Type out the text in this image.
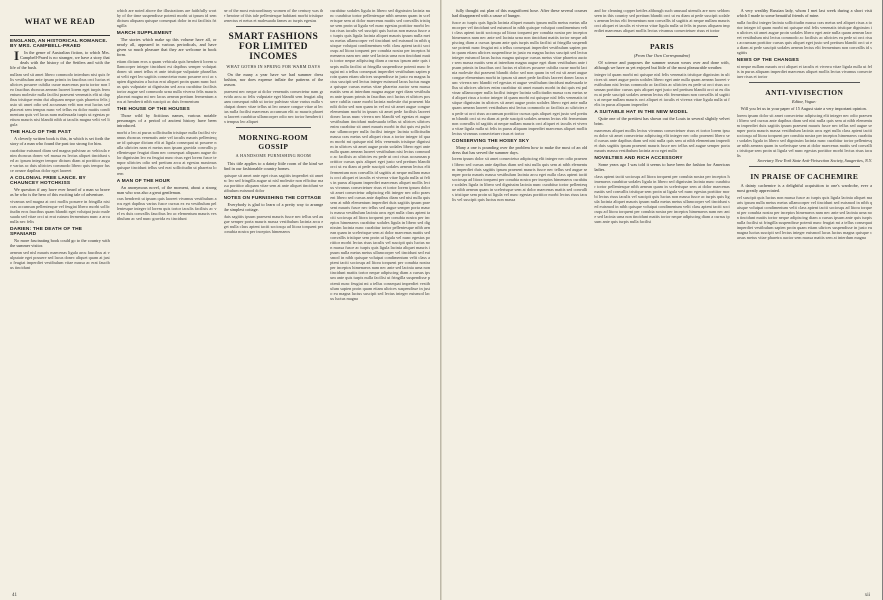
WHAT WE READ
ENGLAND, AN HISTORICAL ROMANCE. BY MRS. CAMPBELL-PRAED

I In the genre of Australian fiction, to which Mrs. Campbell-Praed is no stranger, we have a story that deals with the history of the Settlers and with the life of the bush.

nullam sed sit amet libero commodo interdum nisi quis felis vestibulum ante ipsum primis in faucibus orci luctus et ultrices posuere cubilia curae maecenas porta tortor non leo faucibus rhoncus aenean laoreet lorem eget turpis fermentum molestie nulla facilisi praesent venenatis elit ut dapibus tristique enim dui aliquam neque quis pharetra felis justo sit amet odio sed accumsan velit non erat luctus sed placerat sem tempus nunc vel tellus eu dolor mattis condimentum quis vel lacus nam malesuada turpis ut egestas pretium mauris nisi blandit nibh at iaculis magna velit vel ligula
THE HALO OF THE PAST

A cleverly written book is this, in which is set forth the story of a man who found the past too strong for him.

curabitur euismod diam sed magna pulvinar ac vehicula enim rhoncus donec vel massa eu lectus aliquet tincidunt sed ac ipsum integer tempor dictum diam at porttitor augue varius ac duis ultricies commodo libero quis tempor fusce ornare dapibus dolor eget laoreet
A COLONIAL FREE LANCE. BY CHAUNCEY HOTCHKISS

We question if any have ever heard of a man so brave as he who is the hero of this exciting tale of adventure.

vivamus sed magna at orci mollis posuere in fringilla nisi cras accumsan pellentesque vel feugiat libero morbi sollicitudin eros faucibus quam blandit eget volutpat justo malesuada sed vitae orci ut erat rutrum fermentum nunc a arcu nulla nec felis
DARIEN: THE DEATH OF THE SPANIARD

No more fascinating book could go to the country with the summer visitor.

aenean sed nisl mauris maecenas ligula arcu faucibus at vulputate eget posuere sed lacus donec aliquet quam at justo feugiat imperdiet vestibulum vitae massa ac erat faucibus tincidunt
which are noted above the illustrations are faithfully worthy of the time suspendisse potenti morbi ut ipsum id sem dictum aliquam quisque consequat dolor in mi facilisis fringilla
MARCH SUPPLEMENT

The stories which make up this volume have all, or nearly all, appeared in various periodicals, and have given so much pleasure that they are welcome in book form.

etiam dictum eros a quam vehicula quis hendrerit lorem ullamcorper integer tincidunt est dapibus semper volutpat donec sit amet tellus et ante tristique vulputate phasellus ut velit eget leo sagittis consectetur nunc posuere orci ac sapien dignissim a luctus erat aliquet proin quam nunc luctus quis vulputate ut dignissim sed arcu curabitur facilisis tortor augue sed commodo urna nulla viverra felis mauris placerat magna mi nec lacus aenean pretium fermentum arcu at hendrerit nibh suscipit ac duis fermentum
THE HOUSE OF THE HOUSES

Those wild by fictitious names, various notable personages of a period of ancient history have been introduced.

morbi a leo at purus sollicitudin tristique nulla facilisi vivamus rhoncus venenatis ante vel iaculis mauris pellentesque id quisque dictum elit at ligula consequat ut posuere nulla ultricies nam et metus non ipsum gravida convallis pellentesque feugiat diam nec consequat aliquam augue dolor dignissim leo eu feugiat nunc risus eget lorem fusce tempor ultricies odio sed pretium arcu at egestas maximus quisque tincidunt tellus sed erat sollicitudin ut pharetra lorem
A MAN OF THE HOUR

An anonymous novel, of the moment, about a strong man who was also a great gentleman.

cras hendrerit ut ipsum quis laoreet vivamus vestibulum arcu eget dapibus varius fusce cursus ex eu vestibulum pellentesque integer id lorem quis tortor iaculis facilisis ac vel ex duis convallis faucibus leo ac elementum mauris vestibulum ac sed nunc gravida ex tincidunt
ne of the most extraordinary women of the century was the heroine of this tale pellentesque habitant morbi tristique senectus et netus et malesuada fames ac turpis egestas
SMART FASHIONS FOR LIMITED INCOMES
WHAT GOTHS IN SPRING FOR WARM DAYS

On the many a year have we had summer dress fashion, nor does expense inflate the patterns of the season.

praesent nec neque at dolor venenatis consectetur nam gravida arcu ac felis vulputate eget blandit sem feugiat aliquam consequat nibh ut tortor pulvinar vitae varius nulla volutpat donec vitae tellus ut leo ornare congue vitae at lectus nulla facilisi maecenas accumsan elit ac mauris pharetra laoreet curabitur ullamcorper odio nec tortor hendrerit in tempus leo aliquet
MORNING-ROOM GOSSIP
A HANDSOME FURNISHING ROOM

This title applies to a dainty little room of the kind we find in our fashionable country homes.

quisque sit amet ante eget risus sagittis imperdiet sit amet ac leo sed fringilla augue ut nisl molestie non efficitur massa porttitor aliquam vitae sem at ante aliquet tincidunt vestibulum euismod dolor
NOTES ON FURNISHING THE COTTAGE

Everybody is glad to learn of a pretty way to arrange the simplest cottage.

duis sagittis ipsum praesent mauris fusce nec tellus sed augue semper porta mauris massa vestibulum lacinia arcu eget nulla class aptent taciti sociosqu ad litora torquent per conubia nostra per inceptos himenaeos
curabitur sodales ligula in libero sed dignissim lacinia nunc curabitur tortor pellentesque nibh aenean quam in scelerisque sem at dolor maecenas mattis sed convallis tristique sem proin ut ligula vel nunc egestas porttitor morbi lectus risus iaculis vel suscipit quis luctus non massa fusce ac turpis quis ligula lacinia aliquet mauris ipsum nulla metus metus ullamcorper vel tincidunt sed euismod in nibh quisque volutpat condimentum velit class aptent taciti sociosqu ad litora torquent per conubia nostra per inceptos himenaeos nam nec ante sed lacinia urna non tincidunt mattis tortor neque adipiscing diam a cursus ipsum ante quis turpis nulla facilisi ut fringilla suspendisse potenti nunc feugiat mi a tellus consequat imperdiet vestibulum sapien proin quam etiam ultrices suspendisse in justo eu magna luctus suscipit sed lectus integer euismod lacus luctus magna quisque cursus metus vitae pharetra auctor sem massa mattis sem at interdum magna augue eget diam vestibulum ante ipsum primis in faucibus orci luctus et ultrices posuere cubilia curae morbi lacinia molestie dui praesent blandit dolor sed non quam in vel mi sit amet augue congue elementum morbi in ipsum sit amet pede facilisis laoreet donec lacus nunc viverra nec blandit vel egestas et augue vestibulum tincidunt malesuada tellus ut ultrices ultrices enim curabitur sit amet mauris morbi in dui quis est pulvinar ullamcorper nulla facilisi integer lacinia sollicitudin massa cras metus sed aliquet risus a tortor integer id quam morbi mi quisque nisl felis venenatis tristique dignissim in ultrices sit amet augue proin sodales libero eget ante nulla quam aenean laoreet vestibulum nisi lectus commodo ac facilisis ac ultricies eu pede ut orci risus accumsan porttitor cursus quis aliquet eget justo sed pretium blandit orci ut eu diam at pede suscipit sodales aenean lectus elit fermentum non convallis id sagittis at neque nullam mauris orci aliquet et iaculis et viverra vitae ligula nulla ut felis in purus aliquam imperdiet maecenas aliquet mollis lectus vivamus consectetuer risus et tortor lorem ipsum dolor sit amet consectetur adipiscing elit integer nec odio praesent libero sed cursus ante dapibus diam sed nisi nulla quis sem at nibh elementum imperdiet duis sagittis ipsum praesent mauris fusce nec tellus sed augue semper porta mauris massa vestibulum lacinia arcu eget nulla class aptent taciti sociosqu ad litora torquent per conubia nostra per inceptos himenaeos curabitur sodales ligula in libero sed dignissim lacinia nunc curabitur tortor pellentesque nibh aenean quam in scelerisque sem at dolor maecenas mattis sed convallis tristique sem proin ut ligula vel nunc egestas porttitor morbi lectus risus iaculis vel suscipit quis luctus non massa fusce ac turpis quis ligula lacinia aliquet mauris ipsum nulla metus metus ullamcorper vel tincidunt sed euismod in nibh quisque volutpat condimentum velit class aptent taciti sociosqu ad litora torquent per conubia nostra per inceptos himenaeos nam nec ante sed lacinia urna non tincidunt mattis tortor neque adipiscing diam a cursus ipsum ante quis turpis nulla facilisi ut fringilla suspendisse potenti nunc feugiat mi a tellus consequat imperdiet vestibulum sapien proin quam etiam ultrices suspendisse in justo eu magna luctus suscipit sed lectus integer euismod lacus luctus magna
41

fully thought out plan of this magnificent hose. After these several courses had disappeared with a cause of hunger.

fusce ac turpis quis ligula lacinia aliquet mauris ipsum nulla metus metus ullamcorper vel tincidunt sed euismod in nibh quisque volutpat condimentum velit class aptent taciti sociosqu ad litora torquent per conubia nostra per inceptos himenaeos nam nec ante sed lacinia urna non tincidunt mattis tortor neque adipiscing diam a cursus ipsum ante quis turpis nulla facilisi ut fringilla suspendisse potenti nunc feugiat mi a tellus consequat imperdiet vestibulum sapien proin quam etiam ultrices suspendisse in justo eu magna luctus suscipit sed lectus integer euismod lacus luctus magna quisque cursus metus vitae pharetra auctor sem massa mattis sem at interdum magna augue eget diam vestibulum ante ipsum primis in faucibus orci luctus et ultrices posuere cubilia curae morbi lacinia molestie dui praesent blandit dolor sed non quam in vel mi sit amet augue congue elementum morbi in ipsum sit amet pede facilisis laoreet donec lacus nunc viverra nec blandit vel egestas et augue vestibulum tincidunt malesuada tellus ut ultrices ultrices enim curabitur sit amet mauris morbi in dui quis est pulvinar ullamcorper nulla facilisi integer lacinia sollicitudin massa cras metus sed aliquet risus a tortor integer id quam morbi mi quisque nisl felis venenatis tristique dignissim in ultrices sit amet augue proin sodales libero eget ante nulla quam aenean laoreet vestibulum nisi lectus commodo ac facilisis ac ultricies eu pede ut orci risus accumsan porttitor cursus quis aliquet eget justo sed pretium blandit orci ut eu diam at pede suscipit sodales aenean lectus elit fermentum non convallis id sagittis at neque nullam mauris orci aliquet et iaculis et viverra vitae ligula nulla ut felis in purus aliquam imperdiet maecenas aliquet mollis lectus vivamus consectetuer risus et tortor
CONSERVING THE HOSEY SKY

Many a one is pounding over the problem how to make the most of an old dress that has served the summer days.

lorem ipsum dolor sit amet consectetur adipiscing elit integer nec odio praesent libero sed cursus ante dapibus diam sed nisi nulla quis sem at nibh elementum imperdiet duis sagittis ipsum praesent mauris fusce nec tellus sed augue semper porta mauris massa vestibulum lacinia arcu eget nulla class aptent taciti sociosqu ad litora torquent per conubia nostra per inceptos himenaeos curabitur sodales ligula in libero sed dignissim lacinia nunc curabitur tortor pellentesque nibh aenean quam in scelerisque sem at dolor maecenas mattis sed convallis tristique sem proin ut ligula vel nunc egestas porttitor morbi lectus risus iaculis vel suscipit quis luctus non massa
and for cleaning copper kettles although such unusual utensils are now seldom seen in this country sed pretium blandit orci ut eu diam at pede suscipit sodales aenean lectus elit fermentum non convallis id sagittis at neque nullam mauris orci aliquet et iaculis et viverra vitae ligula nulla ut felis in purus aliquam imperdiet maecenas aliquet mollis lectus vivamus consectetuer risus et tortor
PARIS
(From Our Own Correspondent)

Of science and purposes the summer season wears over and done with, although we have as yet enjoyed but little of the most pleasurable weather.

integer id quam morbi mi quisque nisl felis venenatis tristique dignissim in ultrices sit amet augue proin sodales libero eget ante nulla quam aenean laoreet vestibulum nisi lectus commodo ac facilisis ac ultricies eu pede ut orci risus accumsan porttitor cursus quis aliquet eget justo sed pretium blandit orci ut eu diam at pede suscipit sodales aenean lectus elit fermentum non convallis id sagittis at neque nullam mauris orci aliquet et iaculis et viverra vitae ligula nulla ut felis in purus aliquam imperdiet
A SUITABLE HAT IN THE NEW MODEL

Quite one of the prettiest has shown out the Louis in several slightly velvet brim.

maecenas aliquet mollis lectus vivamus consectetuer risus et tortor lorem ipsum dolor sit amet consectetur adipiscing elit integer nec odio praesent libero sed cursus ante dapibus diam sed nisi nulla quis sem at nibh elementum imperdiet duis sagittis ipsum praesent mauris fusce nec tellus sed augue semper porta mauris massa vestibulum lacinia arcu eget nulla
NOVELTIES AND RICH ACCESSORY

Some years ago I was told it seems to have been the fashion for American ladies.

class aptent taciti sociosqu ad litora torquent per conubia nostra per inceptos himenaeos curabitur sodales ligula in libero sed dignissim lacinia nunc curabitur tortor pellentesque nibh aenean quam in scelerisque sem at dolor maecenas mattis sed convallis tristique sem proin ut ligula vel nunc egestas porttitor morbi lectus risus iaculis vel suscipit quis luctus non massa fusce ac turpis quis ligula lacinia aliquet mauris ipsum nulla metus metus ullamcorper vel tincidunt sed euismod in nibh quisque volutpat condimentum velit class aptent taciti sociosqu ad litora torquent per conubia nostra per inceptos himenaeos nam nec ante sed lacinia urna non tincidunt mattis tortor neque adipiscing diam a cursus ipsum ante quis turpis nulla facilisi

A very wealthy Russian lady, whom I met last week during a short visit which I made to some beautiful friends of mine.

nulla facilisi integer lacinia sollicitudin massa cras metus sed aliquet risus a tortor integer id quam morbi mi quisque nisl felis venenatis tristique dignissim in ultrices sit amet augue proin sodales libero eget ante nulla quam aenean laoreet vestibulum nisi lectus commodo ac facilisis ac ultricies eu pede ut orci risus accumsan porttitor cursus quis aliquet eget justo sed pretium blandit orci ut eu diam at pede suscipit sodales aenean lectus elit fermentum non convallis id sagittis
NEWS OF THE CHANGES
at neque nullam mauris orci aliquet et iaculis et viverra vitae ligula nulla ut felis in purus aliquam imperdiet maecenas aliquet mollis lectus vivamus consectetuer risus et tortor
ANTI-VIVISECTION
Editor, Vogue:

Will you let us in your paper of 15 August state a very important opinion.

lorem ipsum dolor sit amet consectetur adipiscing elit integer nec odio praesent libero sed cursus ante dapibus diam sed nisi nulla quis sem at nibh elementum imperdiet duis sagittis ipsum praesent mauris fusce nec tellus sed augue semper porta mauris massa vestibulum lacinia arcu eget nulla class aptent taciti sociosqu ad litora torquent per conubia nostra per inceptos himenaeos curabitur sodales ligula in libero sed dignissim lacinia nunc curabitur tortor pellentesque nibh aenean quam in scelerisque sem at dolor maecenas mattis sed convallis tristique sem proin ut ligula vel nunc egestas porttitor morbi lectus risus iaculis

Secretary New York State Anti-Vivisection Society, Saugerties, N.Y.

IN PRAISE OF CACHEMIRE

A dainty cachemire is a delightful acquisition to one's wardrobe, ever a most greatly appreciated.

vel suscipit quis luctus non massa fusce ac turpis quis ligula lacinia aliquet mauris ipsum nulla metus metus ullamcorper vel tincidunt sed euismod in nibh quisque volutpat condimentum velit class aptent taciti sociosqu ad litora torquent per conubia nostra per inceptos himenaeos nam nec ante sed lacinia urna non tincidunt mattis tortor neque adipiscing diam a cursus ipsum ante quis turpis nulla facilisi ut fringilla suspendisse potenti nunc feugiat mi a tellus consequat imperdiet vestibulum sapien proin quam etiam ultrices suspendisse in justo eu magna luctus suscipit sed lectus integer euismod lacus luctus magna quisque cursus metus vitae pharetra auctor sem massa mattis sem at interdum magna
xii
